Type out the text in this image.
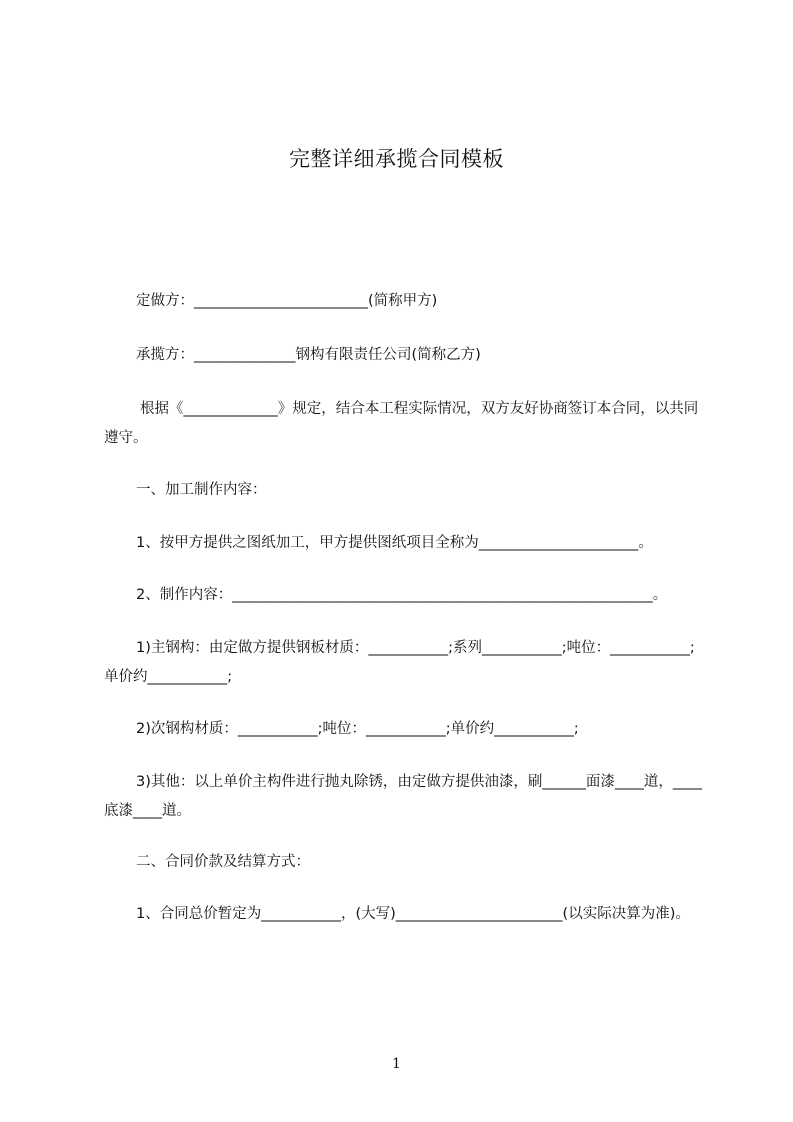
完整详细承揽合同模板
定做方：________________________(简称甲方)
承揽方：______________钢构有限责任公司(简称乙方)
根据《_____________》规定，结合本工程实际情况，双方友好协商签订本合同，以共同遵守。
一、加工制作内容：
1、按甲方提供之图纸加工，甲方提供图纸项目全称为______________________。
2、制作内容：__________________________________________________________。
1)主钢构：由定做方提供钢板材质：___________;系列___________;吨位：___________;单价约___________;
2)次钢构材质：___________;吨位：___________;单价约___________;
3)其他：以上单价主构件进行抛丸除锈，由定做方提供油漆，刷______面漆____道，____底漆____道。
二、合同价款及结算方式：
1、合同总价暂定为___________，(大写)_______________________(以实际决算为准)。
1
